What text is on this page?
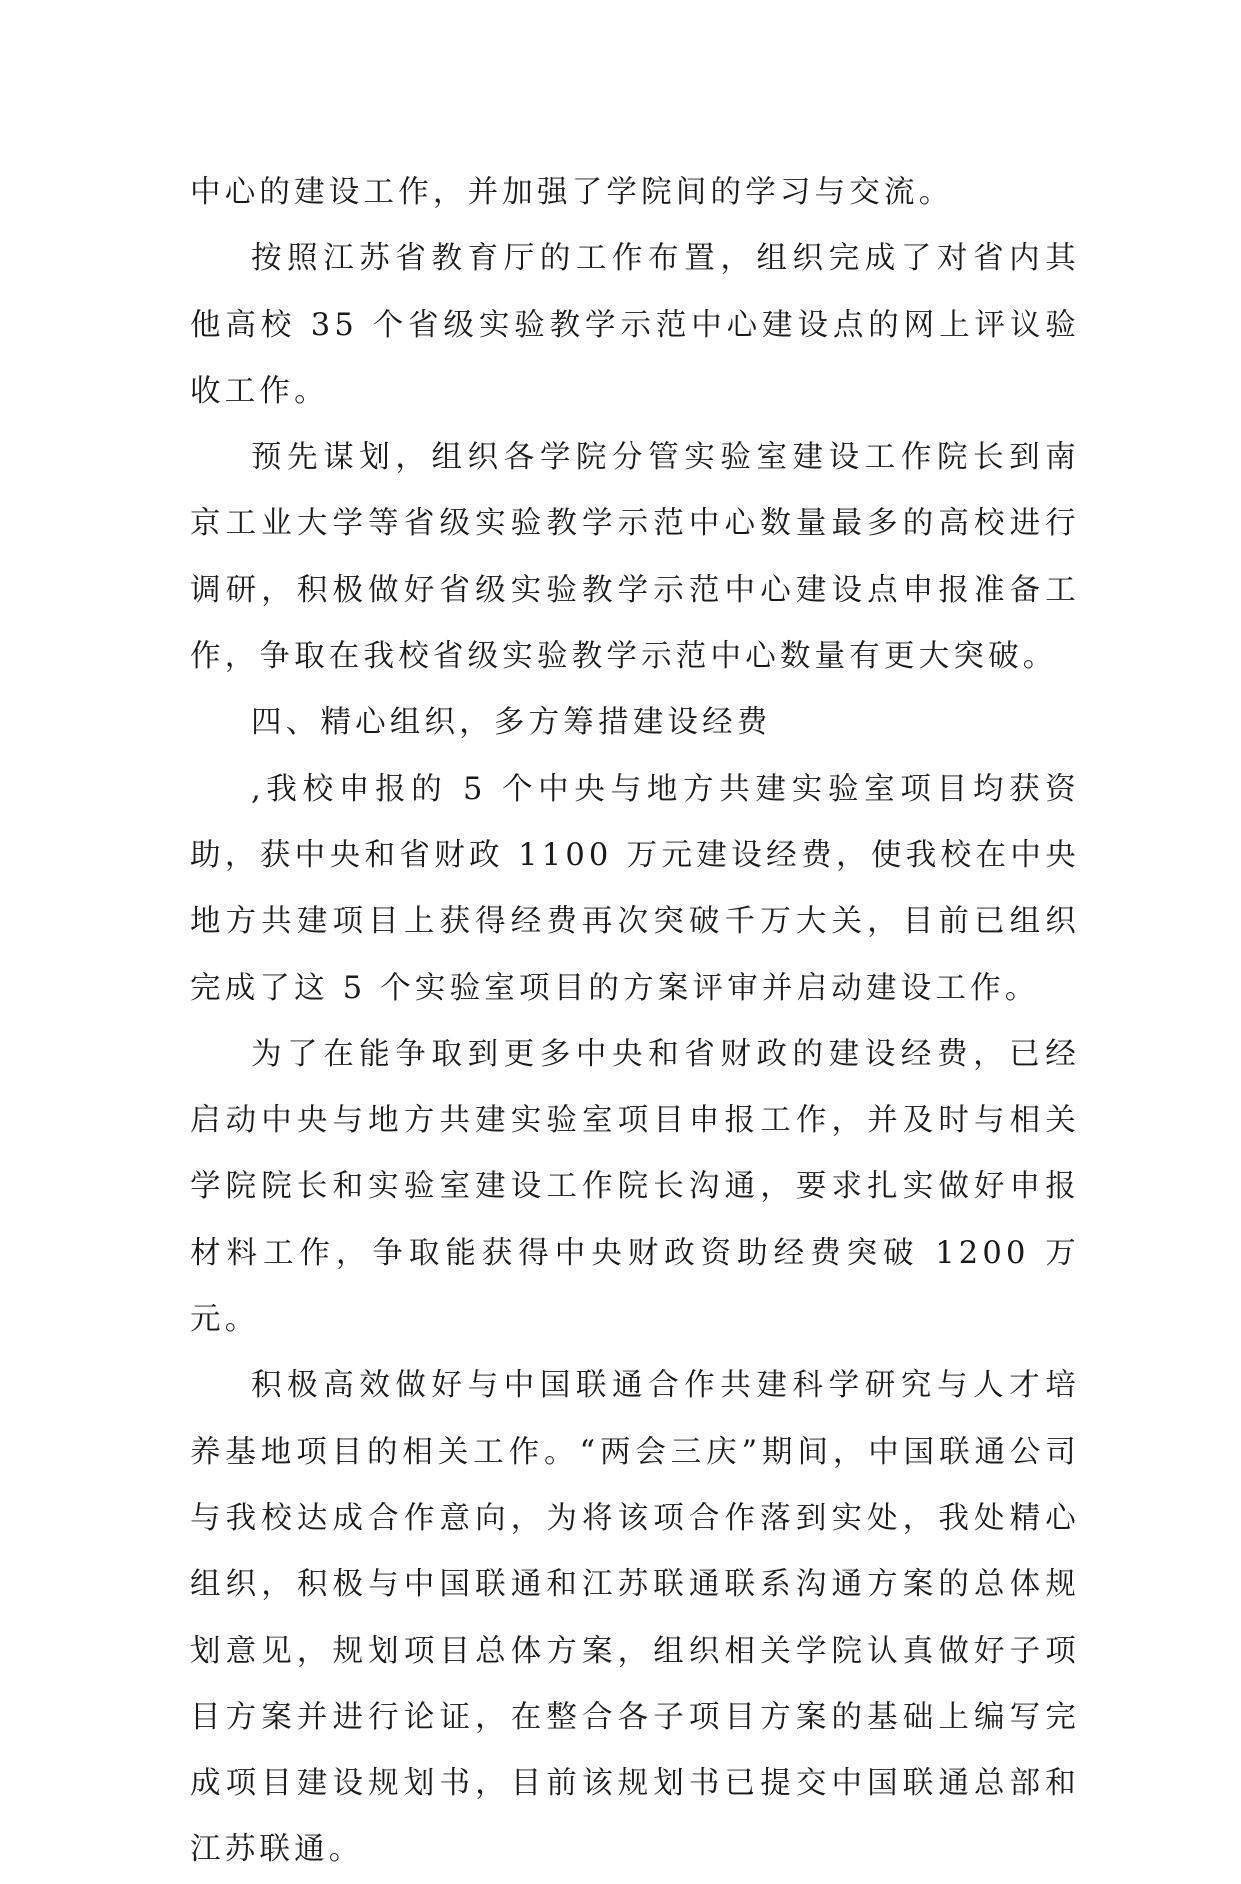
中心的建设工作，并加强了学院间的学习与交流。

按照江苏省教育厅的工作布置，组织完成了对省内其他高校 35 个省级实验教学示范中心建设点的网上评议验收工作。

预先谋划，组织各学院分管实验室建设工作院长到南京工业大学等省级实验教学示范中心数量最多的高校进行调研，积极做好省级实验教学示范中心建设点申报准备工作，争取在我校省级实验教学示范中心数量有更大突破。

四、精心组织，多方筹措建设经费

,我校申报的 5 个中央与地方共建实验室项目均获资助，获中央和省财政 1100 万元建设经费，使我校在中央地方共建项目上获得经费再次突破千万大关，目前已组织完成了这 5 个实验室项目的方案评审并启动建设工作。

为了在能争取到更多中央和省财政的建设经费，已经启动中央与地方共建实验室项目申报工作，并及时与相关学院院长和实验室建设工作院长沟通，要求扎实做好申报材料工作，争取能获得中央财政资助经费突破 1200 万元。

积极高效做好与中国联通合作共建科学研究与人才培养基地项目的相关工作。“两会三庆”期间，中国联通公司与我校达成合作意向，为将该项合作落到实处，我处精心组织，积极与中国联通和江苏联通联系沟通方案的总体规划意见，规划项目总体方案，组织相关学院认真做好子项目方案并进行论证，在整合各子项目方案的基础上编写完成项目建设规划书，目前该规划书已提交中国联通总部和江苏联通。
